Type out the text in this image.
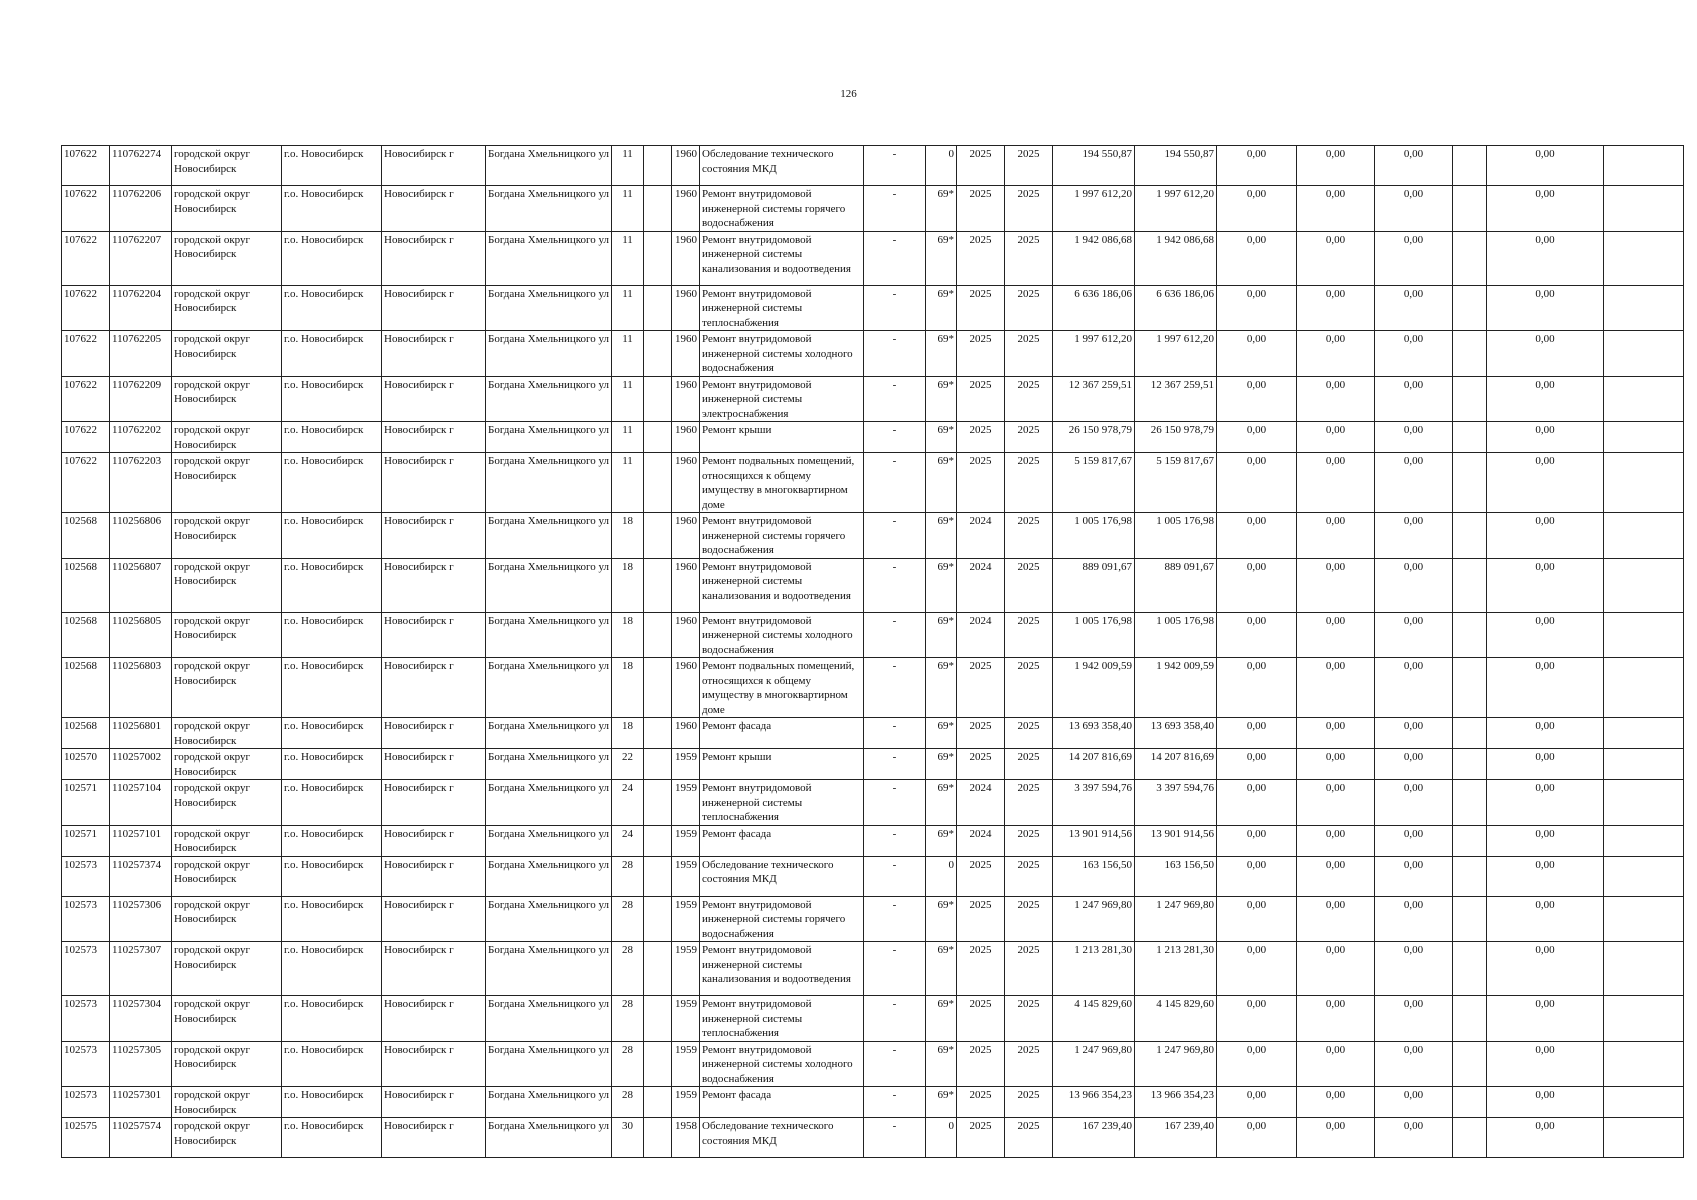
126
107622	110762274	городской округ Новосибирск	г.о. Новосибирск	Новосибирск г	Богдана Хмельницкого ул	11		1960	Обследование технического состояния МКД	-	0	2025	2025	194 550,87	194 550,87	0,00	0,00	0,00		0,00	
107622	110762206	городской округ Новосибирск	г.о. Новосибирск	Новосибирск г	Богдана Хмельницкого ул	11		1960	Ремонт внутридомовой инженерной системы горячего водоснабжения	-	69*	2025	2025	1 997 612,20	1 997 612,20	0,00	0,00	0,00		0,00	
107622	110762207	городской округ Новосибирск	г.о. Новосибирск	Новосибирск г	Богдана Хмельницкого ул	11		1960	Ремонт внутридомовой инженерной системы канализования и водоотведения	-	69*	2025	2025	1 942 086,68	1 942 086,68	0,00	0,00	0,00		0,00	
107622	110762204	городской округ Новосибирск	г.о. Новосибирск	Новосибирск г	Богдана Хмельницкого ул	11		1960	Ремонт внутридомовой инженерной системы теплоснабжения	-	69*	2025	2025	6 636 186,06	6 636 186,06	0,00	0,00	0,00		0,00	
107622	110762205	городской округ Новосибирск	г.о. Новосибирск	Новосибирск г	Богдана Хмельницкого ул	11		1960	Ремонт внутридомовой инженерной системы холодного водоснабжения	-	69*	2025	2025	1 997 612,20	1 997 612,20	0,00	0,00	0,00		0,00	
107622	110762209	городской округ Новосибирск	г.о. Новосибирск	Новосибирск г	Богдана Хмельницкого ул	11		1960	Ремонт внутридомовой инженерной системы электроснабжения	-	69*	2025	2025	12 367 259,51	12 367 259,51	0,00	0,00	0,00		0,00	
107622	110762202	городской округ Новосибирск	г.о. Новосибирск	Новосибирск г	Богдана Хмельницкого ул	11		1960	Ремонт крыши	-	69*	2025	2025	26 150 978,79	26 150 978,79	0,00	0,00	0,00		0,00	
107622	110762203	городской округ Новосибирск	г.о. Новосибирск	Новосибирск г	Богдана Хмельницкого ул	11		1960	Ремонт подвальных помещений, относящихся к общему имуществу в многоквартирном доме	-	69*	2025	2025	5 159 817,67	5 159 817,67	0,00	0,00	0,00		0,00	
102568	110256806	городской округ Новосибирск	г.о. Новосибирск	Новосибирск г	Богдана Хмельницкого ул	18		1960	Ремонт внутридомовой инженерной системы горячего водоснабжения	-	69*	2024	2025	1 005 176,98	1 005 176,98	0,00	0,00	0,00		0,00	
102568	110256807	городской округ Новосибирск	г.о. Новосибирск	Новосибирск г	Богдана Хмельницкого ул	18		1960	Ремонт внутридомовой инженерной системы канализования и водоотведения	-	69*	2024	2025	889 091,67	889 091,67	0,00	0,00	0,00		0,00	
102568	110256805	городской округ Новосибирск	г.о. Новосибирск	Новосибирск г	Богдана Хмельницкого ул	18		1960	Ремонт внутридомовой инженерной системы холодного водоснабжения	-	69*	2024	2025	1 005 176,98	1 005 176,98	0,00	0,00	0,00		0,00	
102568	110256803	городской округ Новосибирск	г.о. Новосибирск	Новосибирск г	Богдана Хмельницкого ул	18		1960	Ремонт подвальных помещений, относящихся к общему имуществу в многоквартирном доме	-	69*	2025	2025	1 942 009,59	1 942 009,59	0,00	0,00	0,00		0,00	
102568	110256801	городской округ Новосибирск	г.о. Новосибирск	Новосибирск г	Богдана Хмельницкого ул	18		1960	Ремонт фасада	-	69*	2025	2025	13 693 358,40	13 693 358,40	0,00	0,00	0,00		0,00	
102570	110257002	городской округ Новосибирск	г.о. Новосибирск	Новосибирск г	Богдана Хмельницкого ул	22		1959	Ремонт крыши	-	69*	2025	2025	14 207 816,69	14 207 816,69	0,00	0,00	0,00		0,00	
102571	110257104	городской округ Новосибирск	г.о. Новосибирск	Новосибирск г	Богдана Хмельницкого ул	24		1959	Ремонт внутридомовой инженерной системы теплоснабжения	-	69*	2024	2025	3 397 594,76	3 397 594,76	0,00	0,00	0,00		0,00	
102571	110257101	городской округ Новосибирск	г.о. Новосибирск	Новосибирск г	Богдана Хмельницкого ул	24		1959	Ремонт фасада	-	69*	2024	2025	13 901 914,56	13 901 914,56	0,00	0,00	0,00		0,00	
102573	110257374	городской округ Новосибирск	г.о. Новосибирск	Новосибирск г	Богдана Хмельницкого ул	28		1959	Обследование технического состояния МКД	-	0	2025	2025	163 156,50	163 156,50	0,00	0,00	0,00		0,00	
102573	110257306	городской округ Новосибирск	г.о. Новосибирск	Новосибирск г	Богдана Хмельницкого ул	28		1959	Ремонт внутридомовой инженерной системы горячего водоснабжения	-	69*	2025	2025	1 247 969,80	1 247 969,80	0,00	0,00	0,00		0,00	
102573	110257307	городской округ Новосибирск	г.о. Новосибирск	Новосибирск г	Богдана Хмельницкого ул	28		1959	Ремонт внутридомовой инженерной системы канализования и водоотведения	-	69*	2025	2025	1 213 281,30	1 213 281,30	0,00	0,00	0,00		0,00	
102573	110257304	городской округ Новосибирск	г.о. Новосибирск	Новосибирск г	Богдана Хмельницкого ул	28		1959	Ремонт внутридомовой инженерной системы теплоснабжения	-	69*	2025	2025	4 145 829,60	4 145 829,60	0,00	0,00	0,00		0,00	
102573	110257305	городской округ Новосибирск	г.о. Новосибирск	Новосибирск г	Богдана Хмельницкого ул	28		1959	Ремонт внутридомовой инженерной системы холодного водоснабжения	-	69*	2025	2025	1 247 969,80	1 247 969,80	0,00	0,00	0,00		0,00	
102573	110257301	городской округ Новосибирск	г.о. Новосибирск	Новосибирск г	Богдана Хмельницкого ул	28		1959	Ремонт фасада	-	69*	2025	2025	13 966 354,23	13 966 354,23	0,00	0,00	0,00		0,00	
102575	110257574	городской округ Новосибирск	г.о. Новосибирск	Новосибирск г	Богдана Хмельницкого ул	30		1958	Обследование технического состояния МКД	-	0	2025	2025	167 239,40	167 239,40	0,00	0,00	0,00		0,00	
